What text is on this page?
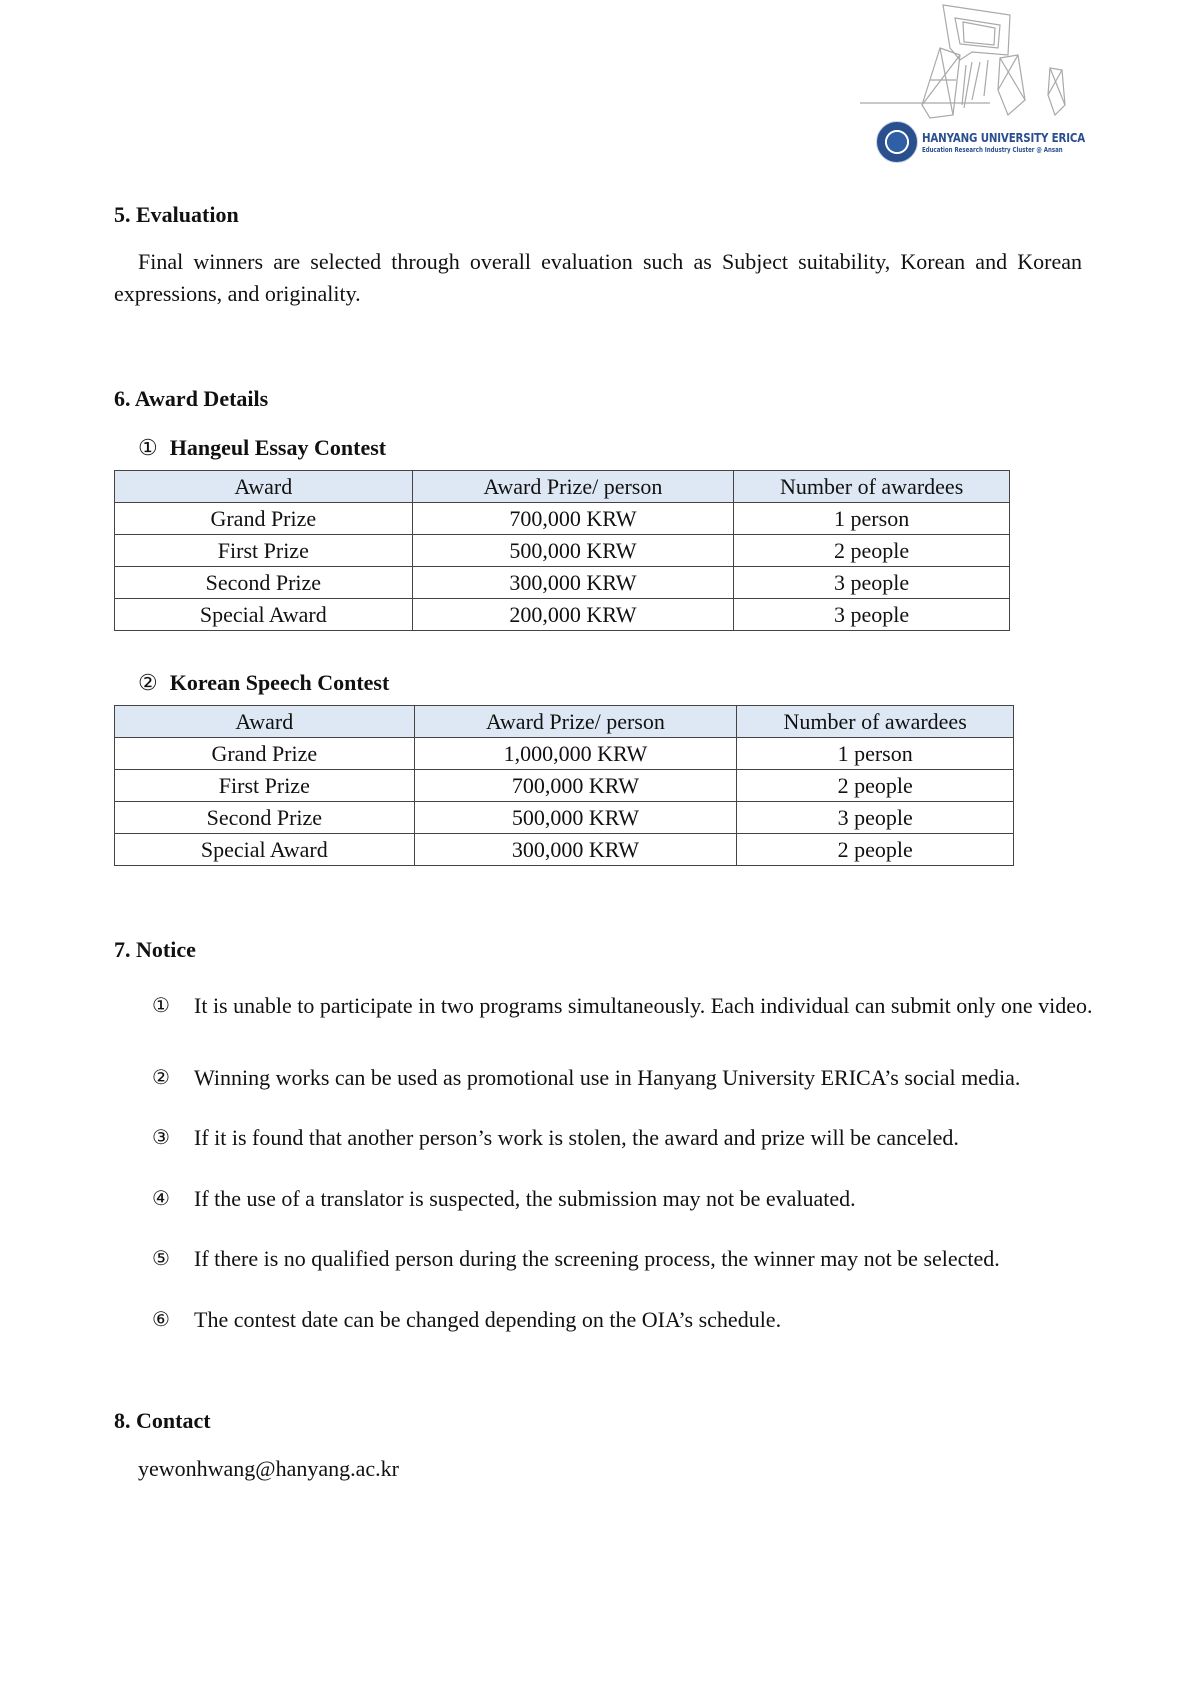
HANYANG UNIVERSITY ERICA
Education Research Industry Cluster @ Ansan
5. Evaluation

Final winners are selected through overall evaluation such as Subject suitability, Korean and Korean expressions, and originality.

6. Award Details
① Hangeul Essay Contest
Award	Award Prize/ person	Number of awardees
Grand Prize	700,000 KRW	1 person
First Prize	500,000 KRW	2 people
Second Prize	300,000 KRW	3 people
Special Award	200,000 KRW	3 people
② Korean Speech Contest
Award	Award Prize/ person	Number of awardees
Grand Prize	1,000,000 KRW	1 person
First Prize	700,000 KRW	2 people
Second Prize	500,000 KRW	3 people
Special Award	300,000 KRW	2 people
7. Notice
①	It is unable to participate in two programs simultaneously. Each individual can submit only one video.
②	Winning works can be used as promotional use in Hanyang University ERICA’s social media.
③	If it is found that another person’s work is stolen, the award and prize will be canceled.
④	If the use of a translator is suspected, the submission may not be evaluated.
⑤	If there is no qualified person during the screening process, the winner may not be selected.
⑥	The contest date can be changed depending on the OIA’s schedule.
8. Contact

yewonhwang@hanyang.ac.kr
